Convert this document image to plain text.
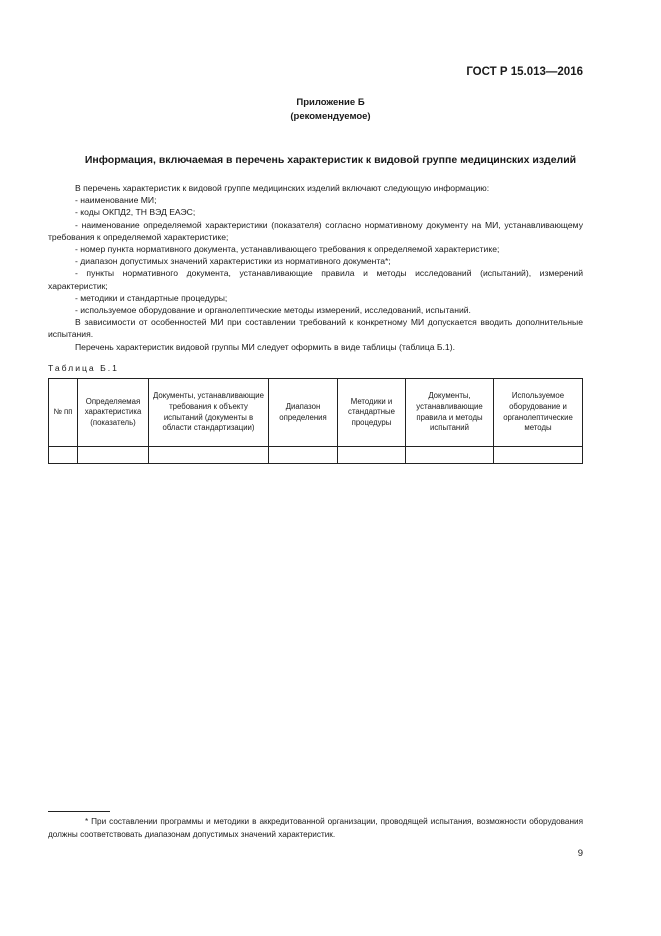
ГОСТ Р 15.013—2016
Приложение Б
(рекомендуемое)
Информация, включаемая в перечень характеристик к видовой группе медицинских изделий

В перечень характеристик к видовой группе медицинских изделий включают следующую информацию:

- наименование МИ;

- коды ОКПД2, ТН ВЭД ЕАЭС;

- наименование определяемой характеристики (показателя) согласно нормативному документу на МИ, устанавливающему требования к определяемой характеристике;

- номер пункта нормативного документа, устанавливающего требования к определяемой характеристике;

- диапазон допустимых значений характеристики из нормативного документа*;

- пункты нормативного документа, устанавливающие правила и методы исследований (испытаний), измерений характеристик;

- методики и стандартные процедуры;

- используемое оборудование и органолептические методы измерений, исследований, испытаний.

В зависимости от особенностей МИ при составлении требований к конкретному МИ допускается вводить дополнительные испытания.

Перечень характеристик видовой группы МИ следует оформить в виде таблицы (таблица Б.1).

Таблица Б.1
№ пп	Определяемая характеристика (показатель)	Документы, устанавливающие требования к объекту испытаний (документы в области стандартизации)	Диапазон определения	Методики и стандартные процедуры	Документы, устанавливающие правила и методы испытаний	Используемое оборудование и органолептические методы

* При составлении программы и методики в аккредитованной организации, проводящей испытания, возможности оборудования должны соответствовать диапазонам допустимых значений характеристик.
9
